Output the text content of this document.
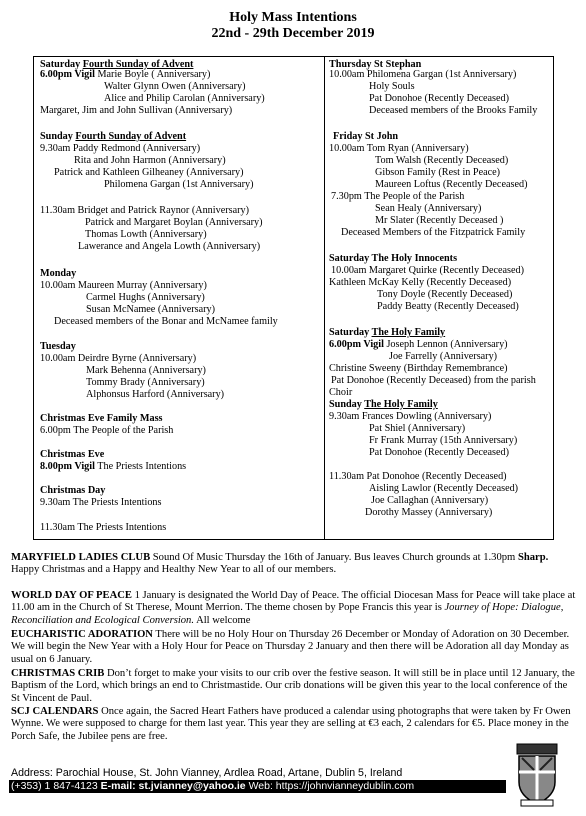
Holy Mass Intentions
22nd - 29th December 2019
Saturday Fourth Sunday of Advent
6.00pm Vigil Marie Boyle ( Anniversary)
Walter Glynn Owen (Anniversary)
Alice and Philip Carolan (Anniversary)
Margaret, Jim and John Sullivan (Anniversary)
Sunday Fourth Sunday of Advent
9.30am Paddy Redmond (Anniversary)
Rita and John Harmon (Anniversary)
Patrick and Kathleen Gilheaney (Anniversary)
Philomena Gargan (1st Anniversary)
11.30am Bridget and Patrick Raynor (Anniversary)
Patrick and Margaret Boylan (Anniversary)
Thomas Lowth (Anniversary)
Lawerance and Angela Lowth (Anniversary)
Monday
10.00am Maureen Murray (Anniversary)
Carmel Hughs (Anniversary)
Susan McNamee (Anniversary)
Deceased members of the Bonar and McNamee family
Tuesday
10.00am Deirdre Byrne (Anniversary)
Mark Behenna (Anniversary)
Tommy Brady (Anniversary)
Alphonsus Harford (Anniversary)
Christmas Eve Family Mass
6.00pm The People of the Parish
Christmas Eve
8.00pm Vigil The Priests Intentions
Christmas Day
9.30am The Priests Intentions
11.30am The Priests Intentions
Thursday St Stephan
10.00am Philomena Gargan (1st Anniversary)
Holy Souls
Pat Donohoe (Recently Deceased)
Deceased members of the Brooks Family
Friday St John
10.00am Tom Ryan (Anniversary)
Tom Walsh (Recently Deceased)
Gibson Family (Rest in Peace)
Maureen Loftus (Recently Deceased)
7.30pm The People of the Parish
Sean Healy (Anniversary)
Mr Slater (Recently Deceased )
Deceased Members of the Fitzpatrick Family
Saturday The Holy Innocents
10.00am Margaret Quirke (Recently Deceased)
Kathleen McKay Kelly (Recently Deceased)
Tony Doyle (Recently Deceased)
Paddy Beatty (Recently Deceased)
Saturday The Holy Family
6.00pm Vigil Joseph Lennon (Anniversary)
Joe Farrelly (Anniversary)
Christine Sweeny (Birthday Remembrance)
Pat Donohoe (Recently Deceased) from the parish
Choir
Sunday The Holy Family
9.30am Frances Dowling (Anniversary)
Pat Shiel (Anniversary)
Fr Frank Murray (15th Anniversary)
Pat Donohoe (Recently Deceased)
11.30am Pat Donohoe (Recently Deceased)
Aisling Lawlor (Recently Deceased)
Joe Callaghan (Anniversary)
Dorothy Massey (Anniversary)
MARYFIELD LADIES CLUB Sound Of Music Thursday the 16th of January. Bus leaves Church grounds at 1.30pm Sharp. Happy Christmas and a Happy and Healthy New Year to all of our members.
WORLD DAY OF PEACE 1 January is designated the World Day of Peace. The official Diocesan Mass for Peace will take place at 11.00 am in the Church of St Therese, Mount Merrion. The theme chosen by Pope Francis this year is Journey of Hope: Dialogue, Reconciliation and Ecological Conversion. All welcome
EUCHARISTIC ADORATION There will be no Holy Hour on Thursday 26 December or Monday of Adoration on 30 December. We will begin the New Year with a Holy Hour for Peace on Thursday 2 January and then there will be Adoration all day Monday as usual on 6 January.
CHRISTMAS CRIB Don’t forget to make your visits to our crib over the festive season. It will still be in place until 12 January, the Baptism of the Lord, which brings an end to Christmastide. Our crib donations will be given this year to the local conference of the St Vincent de Paul.
SCJ CALENDARS Once again, the Sacred Heart Fathers have produced a calendar using photographs that were taken by Fr Owen Wynne. We were supposed to charge for them last year. This year they are selling at €3 each, 2 calendars for €5. Place money in the Porch Safe, the Jubilee pens are free.
Address: Parochial House, St. John Vianney, Ardlea Road, Artane, Dublin 5, Ireland
(+353) 1 847-4123 E-mail: st.jvianney@yahoo.ie Web: https://johnvianneydublin.com
